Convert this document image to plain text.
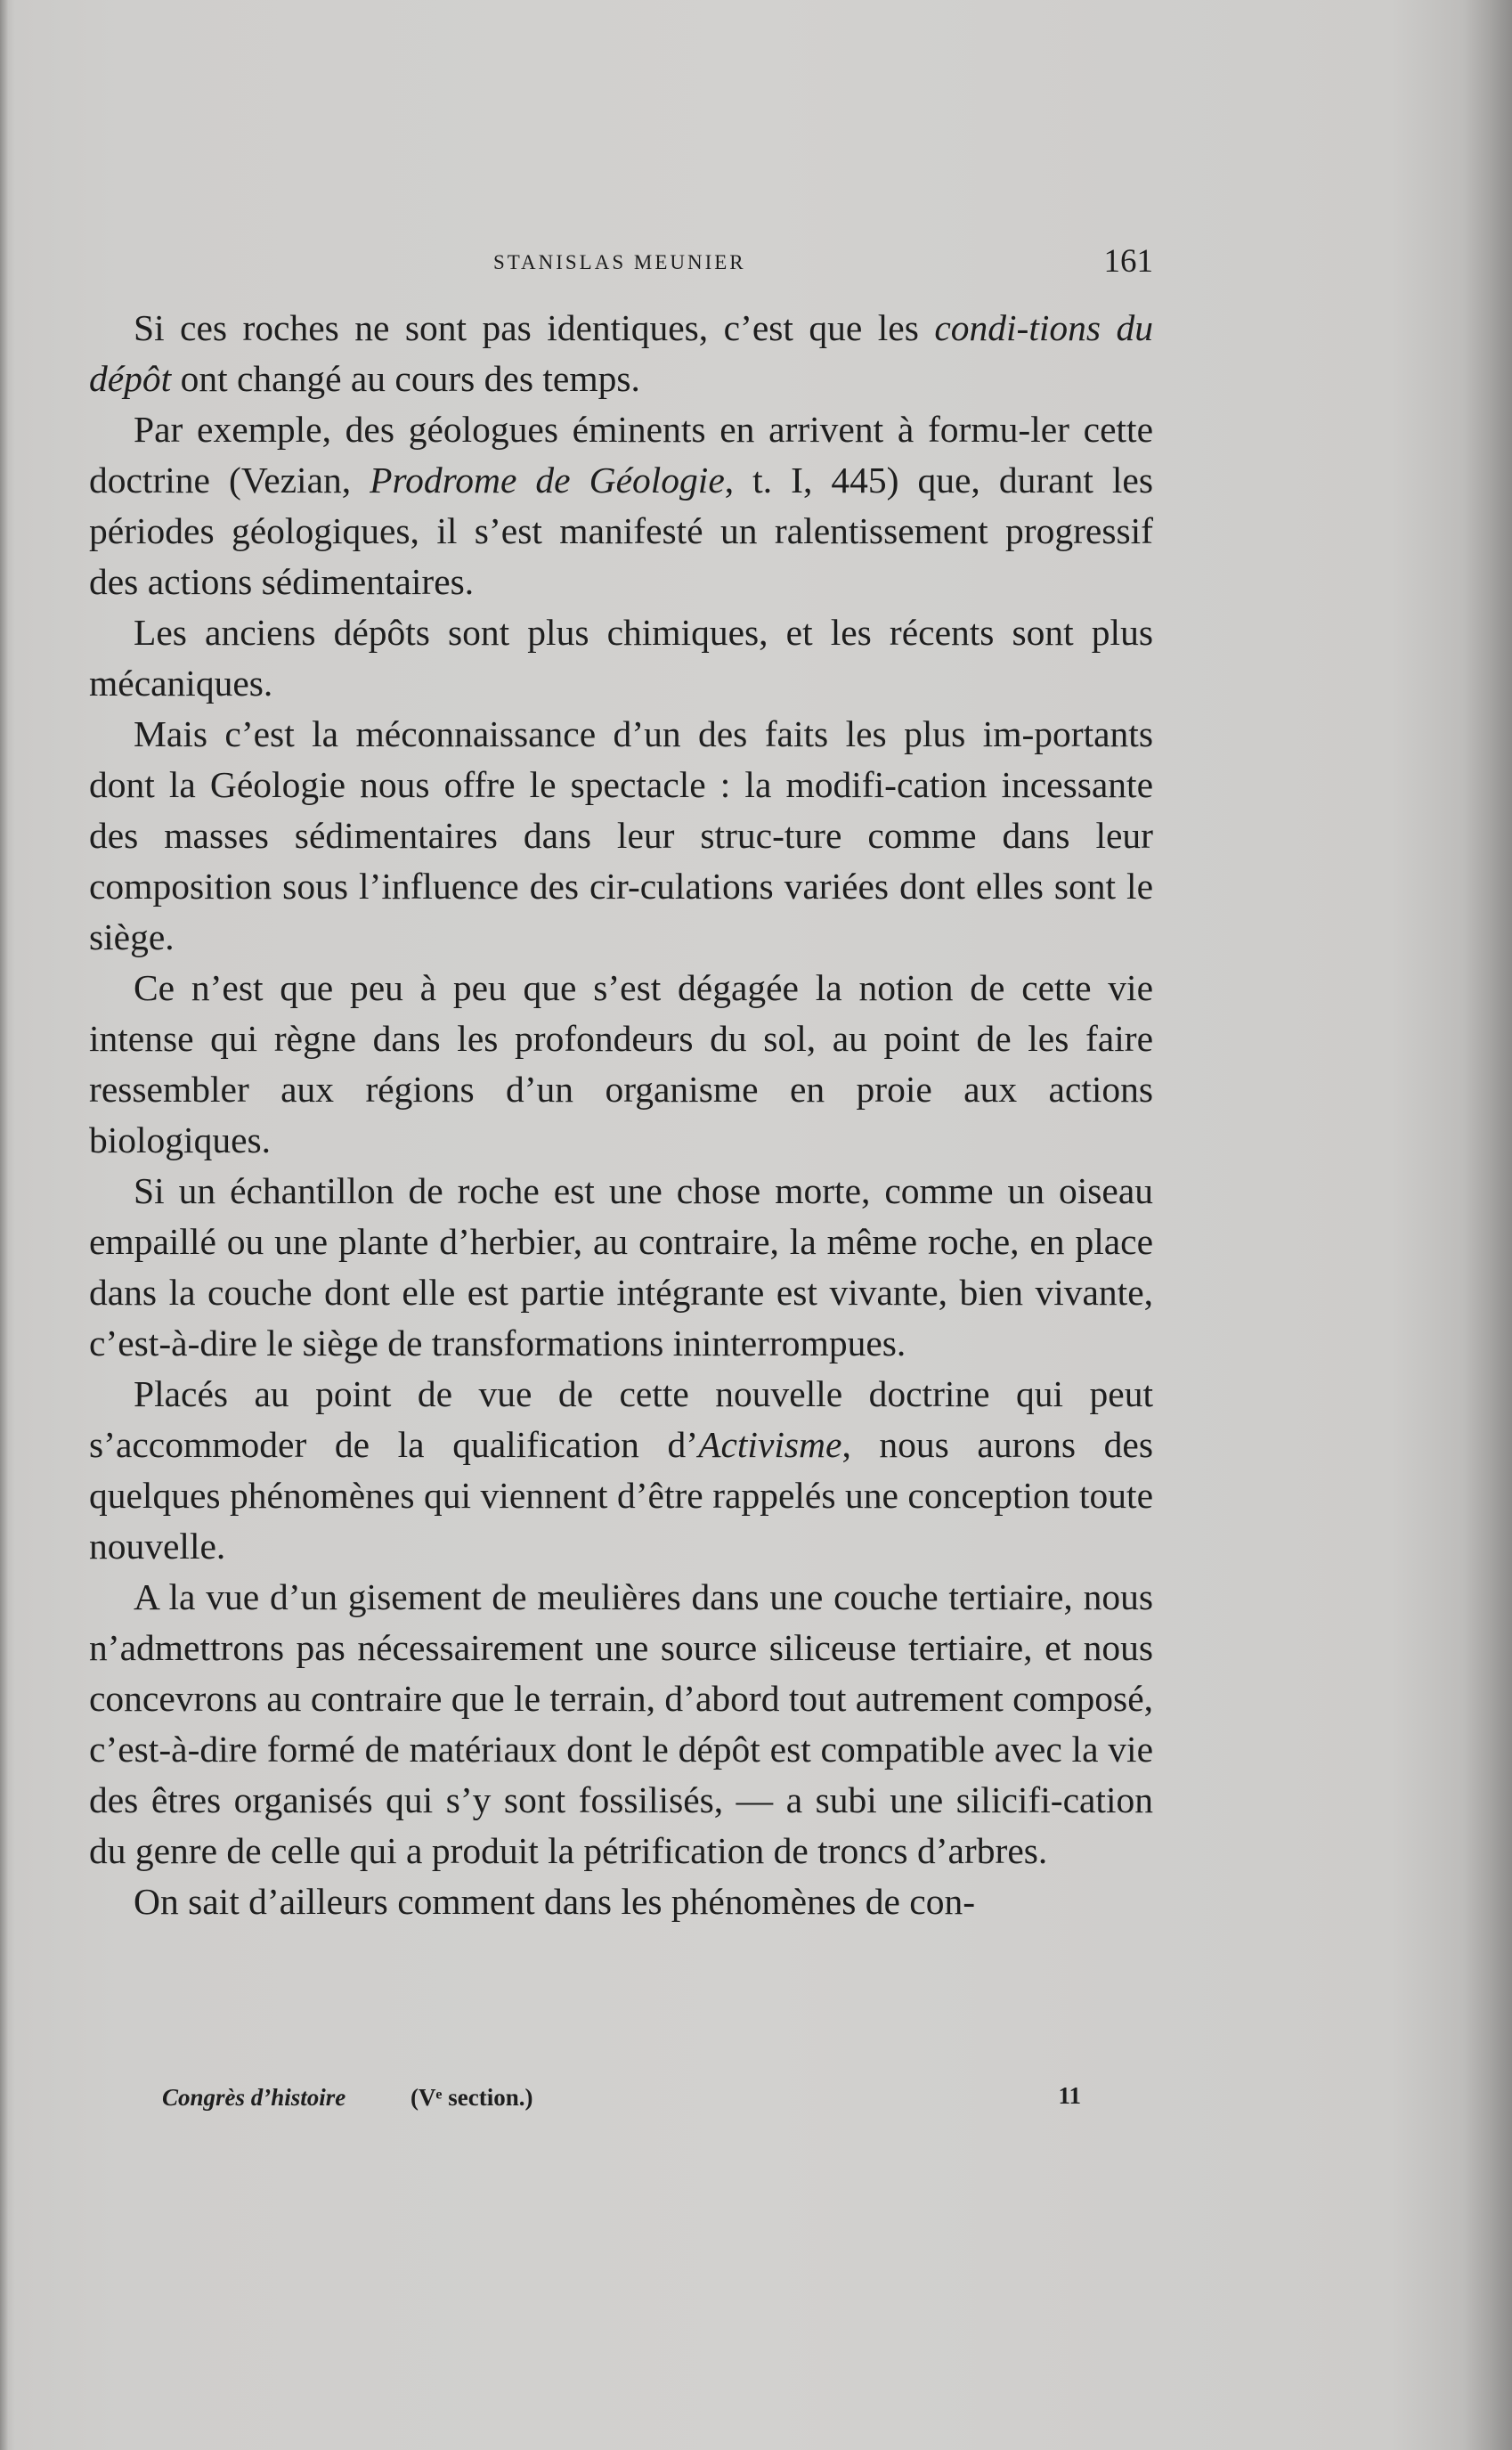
STANISLAS MEUNIER	161

Si ces roches ne sont pas identiques, c’est que les condi-tions du dépôt ont changé au cours des temps.

Par exemple, des géologues éminents en arrivent à formu-ler cette doctrine (Vezian, Prodrome de Géologie, t. I, 445) que, durant les périodes géologiques, il s’est manifesté un ralentissement progressif des actions sédimentaires.

Les anciens dépôts sont plus chimiques, et les récents sont plus mécaniques.

Mais c’est la méconnaissance d’un des faits les plus im-portants dont la Géologie nous offre le spectacle : la modifi-cation incessante des masses sédimentaires dans leur struc-ture comme dans leur composition sous l’influence des cir-culations variées dont elles sont le siège.

Ce n’est que peu à peu que s’est dégagée la notion de cette vie intense qui règne dans les profondeurs du sol, au point de les faire ressembler aux régions d’un organisme en proie aux actions biologiques.

Si un échantillon de roche est une chose morte, comme un oiseau empaillé ou une plante d’herbier, au contraire, la même roche, en place dans la couche dont elle est partie intégrante est vivante, bien vivante, c’est-à-dire le siège de transformations ininterrompues.

Placés au point de vue de cette nouvelle doctrine qui peut s’accommoder de la qualification d’Activisme, nous aurons des quelques phénomènes qui viennent d’être rappelés une conception toute nouvelle.

A la vue d’un gisement de meulières dans une couche tertiaire, nous n’admettrons pas nécessairement une source siliceuse tertiaire, et nous concevrons au contraire que le terrain, d’abord tout autrement composé, c’est-à-dire formé de matériaux dont le dépôt est compatible avec la vie des êtres organisés qui s’y sont fossilisés, — a subi une silicifi-cation du genre de celle qui a produit la pétrification de troncs d’arbres.

On sait d’ailleurs comment dans les phénomènes de con-

Congrès d’histoire	(Vᵉ section.)	11
